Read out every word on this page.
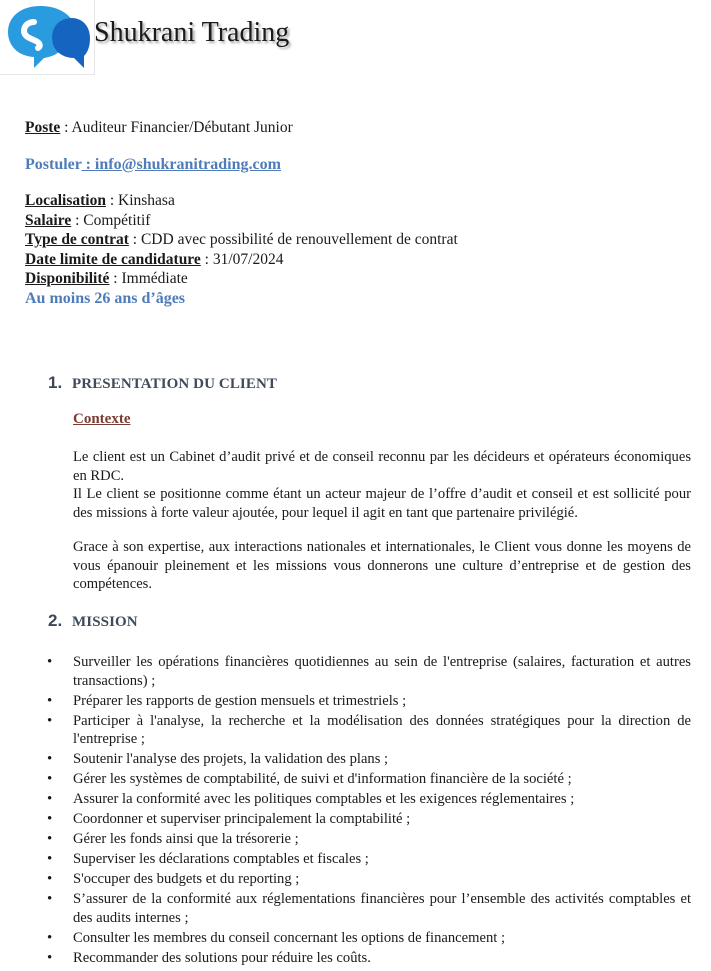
Shukrani Trading
Poste : Auditeur Financier/Débutant Junior
Postuler : info@shukranitrading.com
Localisation : Kinshasa
Salaire : Compétitif
Type de contrat : CDD avec possibilité de renouvellement de contrat
Date limite de candidature : 31/07/2024
Disponibilité : Immédiate
Au moins 26 ans d’âges
1. PRESENTATION DU CLIENT
Contexte
Le client est un Cabinet d’audit privé et de conseil reconnu par les décideurs et opérateurs économiques en RDC.
Il Le client se positionne comme étant un acteur majeur de l’offre d’audit et conseil et est sollicité pour des missions à forte valeur ajoutée, pour lequel il agit en tant que partenaire privilégié.
Grace à son expertise, aux interactions nationales et internationales, le Client vous donne les moyens de vous épanouir pleinement et les missions vous donnerons une culture d’entreprise et de gestion des compétences.
2. MISSION
• Surveiller les opérations financières quotidiennes au sein de l'entreprise (salaires, facturation et autres transactions) ;
• Préparer les rapports de gestion mensuels et trimestriels ;
• Participer à l'analyse, la recherche et la modélisation des données stratégiques pour la direction de l'entreprise ;
• Soutenir l'analyse des projets, la validation des plans ;
• Gérer les systèmes de comptabilité, de suivi et d'information financière de la société ;
• Assurer la conformité avec les politiques comptables et les exigences réglementaires ;
• Coordonner et superviser principalement la comptabilité ;
• Gérer les fonds ainsi que la trésorerie ;
• Superviser les déclarations comptables et fiscales ;
• S'occuper des budgets et du reporting ;
• S’assurer de la conformité aux réglementations financières pour l’ensemble des activités comptables et des audits internes ;
• Consulter les membres du conseil concernant les options de financement ;
• Recommander des solutions pour réduire les coûts.
